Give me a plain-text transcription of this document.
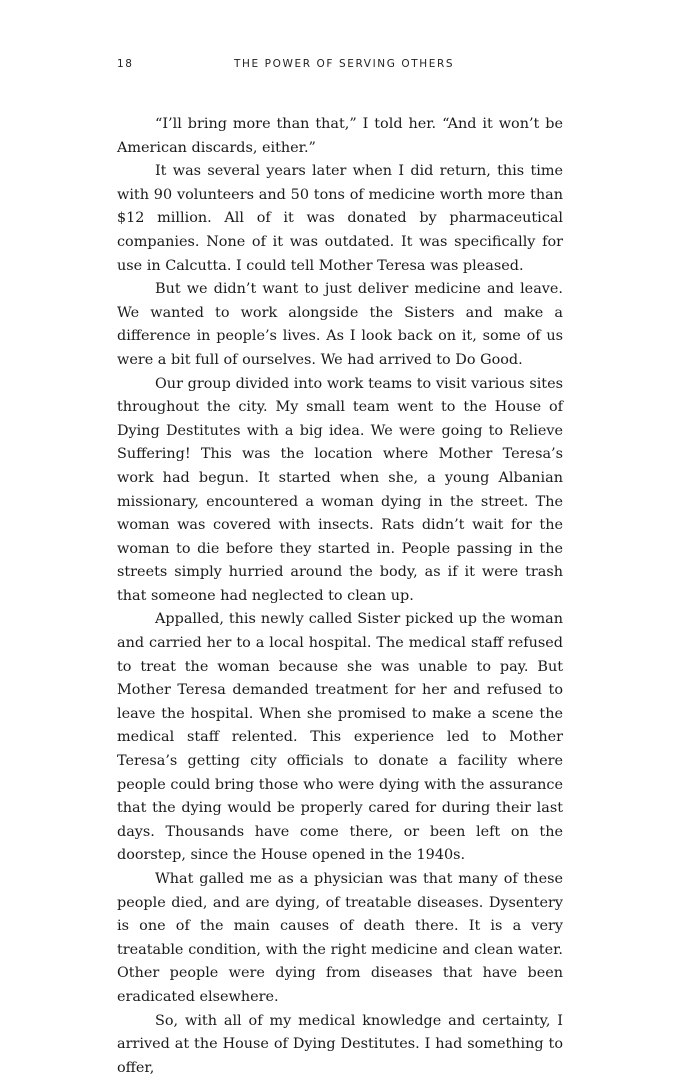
18	THE POWER OF SERVING OTHERS

“I’ll bring more than that,” I told her. “And it won’t be American discards, either.”

It was several years later when I did return, this time with 90 volunteers and 50 tons of medicine worth more than $12 million. All of it was donated by pharmaceutical companies. None of it was outdated. It was specifically for use in Calcutta. I could tell Mother Teresa was pleased.

But we didn’t want to just deliver medicine and leave. We wanted to work alongside the Sisters and make a difference in people’s lives. As I look back on it, some of us were a bit full of ourselves. We had arrived to Do Good.

Our group divided into work teams to visit various sites throughout the city. My small team went to the House of Dying Destitutes with a big idea. We were going to Relieve Suffering! This was the location where Mother Teresa’s work had begun. It started when she, a young Albanian missionary, encountered a woman dying in the street. The woman was covered with insects. Rats didn’t wait for the woman to die before they started in. People passing in the streets simply hurried around the body, as if it were trash that someone had neglected to clean up.

Appalled, this newly called Sister picked up the woman and carried her to a local hospital. The medical staff refused to treat the woman because she was unable to pay. But Mother Teresa demanded treatment for her and refused to leave the hospital. When she promised to make a scene the medical staff relented. This experience led to Mother Teresa’s getting city officials to donate a facility where people could bring those who were dying with the assurance that the dying would be properly cared for during their last days. Thousands have come there, or been left on the doorstep, since the House opened in the 1940s.

What galled me as a physician was that many of these people died, and are dying, of treatable diseases. Dysentery is one of the main causes of death there. It is a very treatable condition, with the right medicine and clean water. Other people were dying from diseases that have been eradicated elsewhere.

So, with all of my medical knowledge and certainty, I arrived at the House of Dying Destitutes. I had something to offer,
